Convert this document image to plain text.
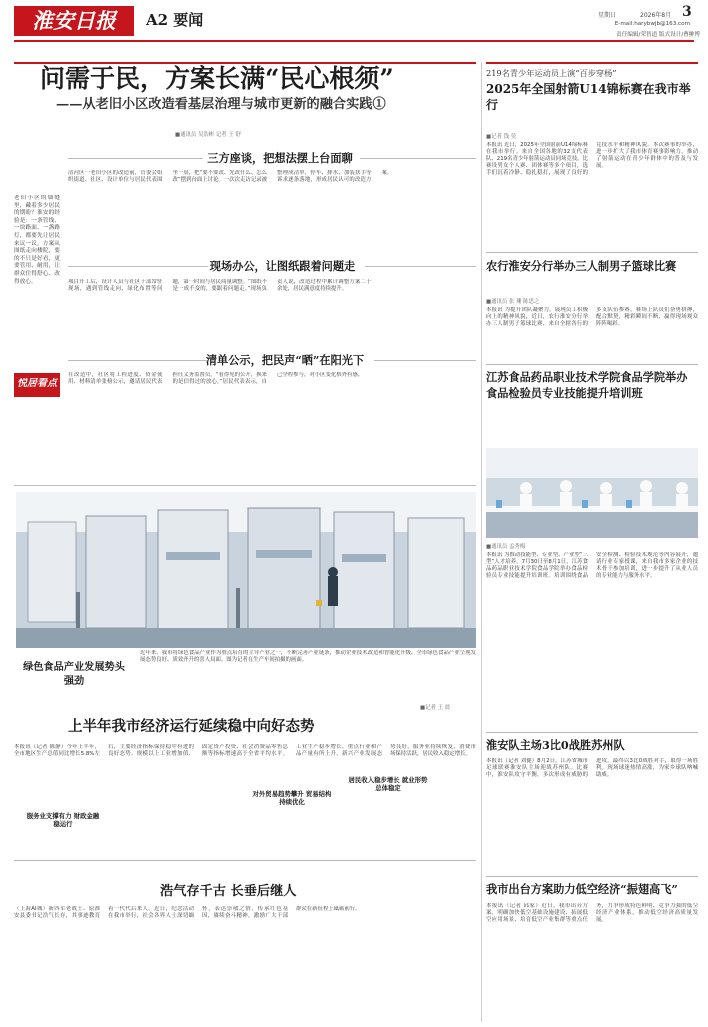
淮安日报	A2 要闻	星期日	2026年8月 3
E-mail:harybwjb@163.com
责任编辑/荣智道 版式设计/曹翀博
问需于民，方案长满“民心根须”
——从老旧小区改造看基层治理与城市更新的融合实践①
■通讯员 吴浩彬 记者 王 舒
老旧小区的墙缝里，藏着多少居民的期盼？淮安的经验是：一条管线、一块路面、一盏路灯，都要先让居民来议一议。方案从图纸走向楼院，要的不只是好看，更要管用、耐用，让群众住得舒心、改得放心。
悦居看点
三方座谈，把想法摆上台面聊
清河区一老旧小区的改造前，管委会组织街道、社区、设计单位与居民代表围坐一桌，把“要不要改、先改什么、怎么改”摆到台面上讨论。一次次走访记录被整理成清单，停车、排水、加装扶手等诉求逐条落地，形成居民认可的改造方案。
现场办公，让图纸跟着问题走
项目开工后，设计人员与社区干部常驻现场，遇到管线走向、绿化布置等问题，第一时间与居民商量调整。“图纸不是一成不变的，要跟着问题走。”现场负责人说，改造过程中累计调整方案二十余处，居民满意度持续提升。
清单公示，把民声“晒”在阳光下
在改造中，社区将工程进度、资金使用、材料清单张榜公示，邀请居民代表担任义务监督员。“看得见的公开，换来的是信得过的放心。”居民代表表示，自己全程参与，对小区变化格外有感。
绿色食品产业发展势头强劲
近年来，我市将绿色食品产业作为重点培育的主导产业之一，不断完善产业链条，推动企业技术改造和智能化升级，全市绿色食品产业呈现发展态势良好、质效齐升的喜人局面。图为记者在生产车间拍摄的画面。
■记者 王 晨
上半年我市经济运行延续稳中向好态势
本报讯（记者 陈静）今年上半年，全市地区生产总值同比增长5.8%左右，主要经济指标保持稳中有进的良好态势。规模以上工业增加值、固定资产投资、社会消费品零售总额等指标增速高于全省平均水平。工业生产稳步增长，重点行业和产品产量有所上升，新兴产业发展态势良好，服务业持续恢复，消费市场保持活跃，居民收入稳定增长。
服务业支撑有力 财政金融稳运行
对外贸易趋势攀升 贸易结构持续优化
居民收入稳步增长 就业形势总体稳定
浩气存千古 长垂后继人
（上海AI城）新四军老战士、原淮安县委书记浩气长存，其事迹教育着一代代后来人。近日，纪念活动在我市举行，社会各界人士深切缅怀，表达崇敬之情，传承红色基因，赓续奋斗精神，激励广大干部群众在新征程上砥砺前行。
219名青少年运动员上演“百步穿杨”
2025年全国射箭U14锦标赛在我市举行
■记者 钱 堃
本报讯 近日，2025年全国射箭U14锦标赛在我市举行。来自全国各地的32支代表队、219名青少年射箭运动员同场竞技。比赛设男女个人赛、团体赛等多个项目，选手们沉着冷静、稳扎稳打，展现了良好的竞技水平和精神风貌。本次赛事的举办，进一步扩大了我市体育赛事影响力，推动了射箭运动在青少年群体中的普及与发展。
农行淮安分行举办三人制男子篮球比赛
■通讯员 张 珊 陈思之
本报讯 为提升团队凝聚力，展现员工积极向上的精神风貌，近日，农行淮安分行举办三人制男子篮球比赛，来自全辖各行的多支队伍参赛，赛场上队员们奋勇拼搏，配合默契，精彩瞬间不断，赢得现场观众阵阵喝彩。
江苏食品药品职业技术学院食品学院举办食品检验员专业技能提升培训班
■通讯员 孟秀梅
本报讯 为推动技能型、专业型、产业型“三型”人才培养，7月30日至8月1日，江苏食品药品职业技术学院食品学院举办食品检验员专业技能提升培训班。培训围绕食品安全检测、检验技术规范等内容展开，邀请行业专家授课，来自我市多家企业的技术骨干参加培训，进一步提升了从业人员的专业能力与服务水平。
淮安队主场3比0战胜苏州队
本报讯（记者 刘健）8月2日，江苏省城市足球联赛淮安队主场迎战苏州队。比赛中，淮安队攻守平衡，多次形成有威胁的进攻，最终以3比0战胜对手，取得一场胜利。现场球迷热情高涨，为家乡球队呐喊助威。
我市出台方案助力低空经济“振翅高飞”
本报讯（记者 邱家）近日，我市出台方案，明确加快低空基础设施建设、拓展低空应用场景、培育低空产业集群等重点任务，力争形成特色鲜明、竞争力强的低空经济产业体系，推动低空经济高质量发展。
